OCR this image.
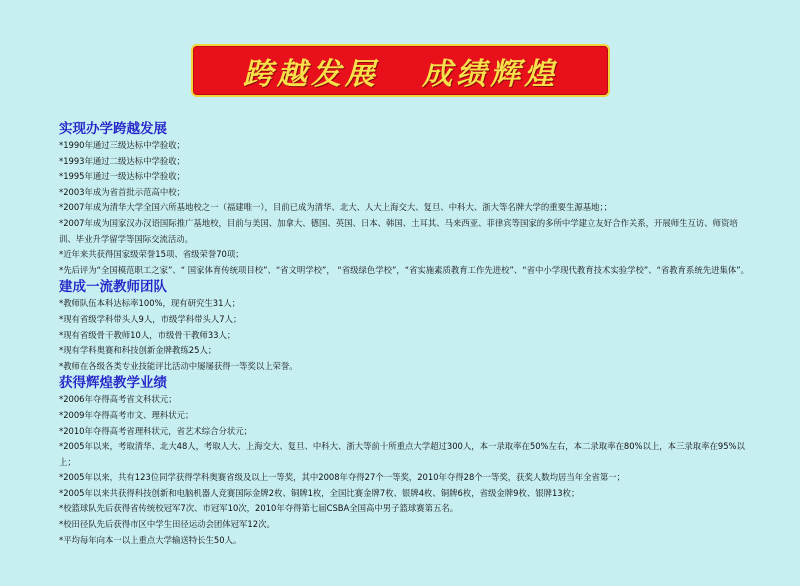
跨越发展   成绩辉煌
实现办学跨越发展
*1990年通过三级达标中学验收；
*1993年通过二级达标中学验收；
*1995年通过一级达标中学验收；
*2003年成为省首批示范高中校；
*2007年成为清华大学全国六所基地校之一（福建唯一），目前已成为清华、北大、人大上海交大、复旦、中科大、浙大等名牌大学的重要生源基地；；
*2007年成为国家汉办汉语国际推广基地校，目前与美国、加拿大、德国、英国、日本、韩国、土耳其、马来西亚、菲律宾等国家的多所中学建立友好合作关系，开展师生互访、师资培训、毕业升学留学等国际交流活动。
*近年来共获得国家级荣誉15项、省级荣誉70项；
*先后评为“全国模范职工之家”、“ 国家体育传统项目校”、“省文明学校”， “省级绿色学校”，“省实施素质教育工作先进校”、“省中小学现代教育技术实验学校”、“省教育系统先进集体”。
建成一流教师团队
*教师队伍本科达标率100%，现有研究生31人；
*现有省级学科带头人9人，市级学科带头人7人；
*现有省级骨干教师10人，市级骨干教师33人；
*现有学科奥赛和科技创新金牌教练25人；
*教师在各级各类专业技能评比活动中屡屡获得一等奖以上荣誉。
获得辉煌教学业绩
*2006年夺得高考省文科状元；
*2009年夺得高考市文、理科状元；
*2010年夺得高考省理科状元，省艺术综合分状元；
*2005年以来，考取清华、北大48人，考取人大、上海交大、复旦、中科大、浙大等前十所重点大学超过300人，本一录取率在50%左右，本二录取率在80%以上，本三录取率在95%以上；
*2005年以来，共有123位同学获得学科奥赛省级及以上一等奖，其中2008年夺得27个一等奖，2010年夺得28个一等奖，获奖人数均居当年全省第一；
*2005年以来共获得科技创新和电脑机器人竞赛国际金牌2枚、铜牌1枚，全国比赛金牌7枚、银牌4枚、铜牌6枚，省级金牌9枚、银牌13枚；
*校篮球队先后获得省传统校冠军7次、市冠军10次，2010年夺得第七届CSBA全国高中男子篮球赛第五名。
*校田径队先后获得市区中学生田径运动会团体冠军12次。
*平均每年向本一以上重点大学输送特长生50人。
